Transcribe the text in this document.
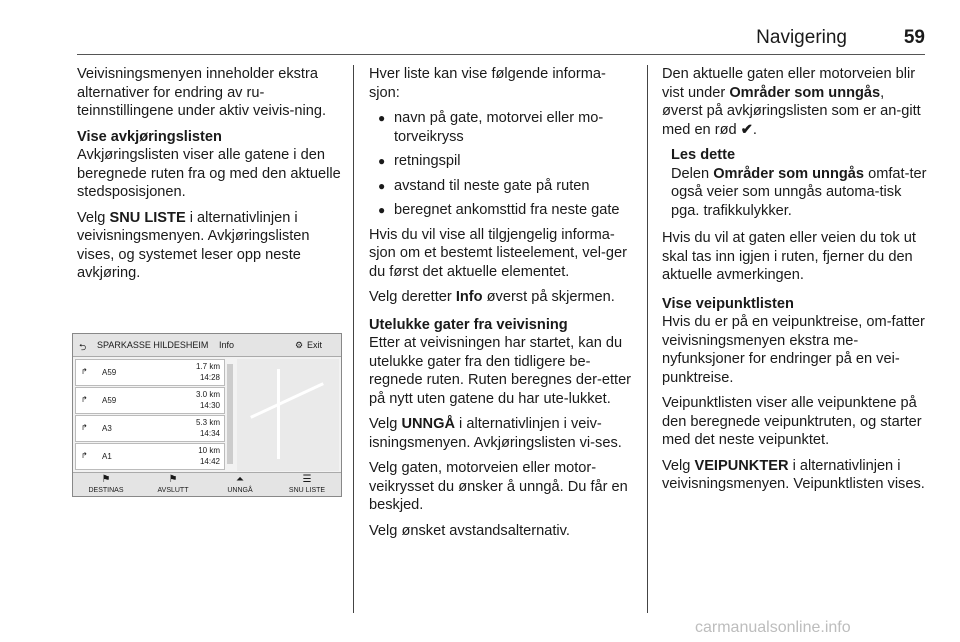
Navigering	59

Veivisningsmenyen inneholder ekstra alternativer for endring av ru-teinnstillingene under aktiv veivis-ning.

Vise avkjøringslisten

Avkjøringslisten viser alle gatene i den beregnede ruten fra og med den aktuelle stedsposisjonen.

Velg SNU LISTE i alternativlinjen i veivisningsmenyen. Avkjøringslisten vises, og systemet leser opp neste avkjøring.

⮌ SPARKASSE HILDESHEIM Info	⚙ Exit
↱ A59
1.7 km
14:28
↱ A59
3.0 km
14:30
↱ A3
5.3 km
14:34
↱ A1
10 km
14:42
⚑
DESTINAS
⚑
AVSLUTT
⏶
UNNGÅ
☰
SNU LISTE

Hver liste kan vise følgende informa-sjon:

● navn på gate, motorvei eller mo-torveikryss
● retningspil
● avstand til neste gate på ruten
● beregnet ankomsttid fra neste gate

Hvis du vil vise all tilgjengelig informa-sjon om et bestemt listeelement, vel-ger du først det aktuelle elementet.

Velg deretter Info øverst på skjermen.

Utelukke gater fra veivisning

Etter at veivisningen har startet, kan du utelukke gater fra den tidligere be-regnede ruten. Ruten beregnes der-etter på nytt uten gatene du har ute-lukket.

Velg UNNGÅ i alternativlinjen i veiv-isningsmenyen. Avkjøringslisten vi-ses.

Velg gaten, motorveien eller motor-veikrysset du ønsker å unngå. Du får en beskjed.

Velg ønsket avstandsalternativ.

Den aktuelle gaten eller motorveien blir vist under Områder som unngås, øverst på avkjøringslisten som er an-gitt med en rød ✔.

Les dette
Delen Områder som unngås omfat-ter også veier som unngås automa-tisk pga. trafikkulykker.

Hvis du vil at gaten eller veien du tok ut skal tas inn igjen i ruten, fjerner du den aktuelle avmerkingen.

Vise veipunktlisten

Hvis du er på en veipunktreise, om-fatter veivisningsmenyen ekstra me-nyfunksjoner for endringer på en vei-punktreise.

Veipunktlisten viser alle veipunktene på den beregnede veipunktruten, og starter med det neste veipunktet.

Velg VEIPUNKTER i alternativlinjen i veivisningsmenyen. Veipunktlisten vises.

carmanualsonline.info
